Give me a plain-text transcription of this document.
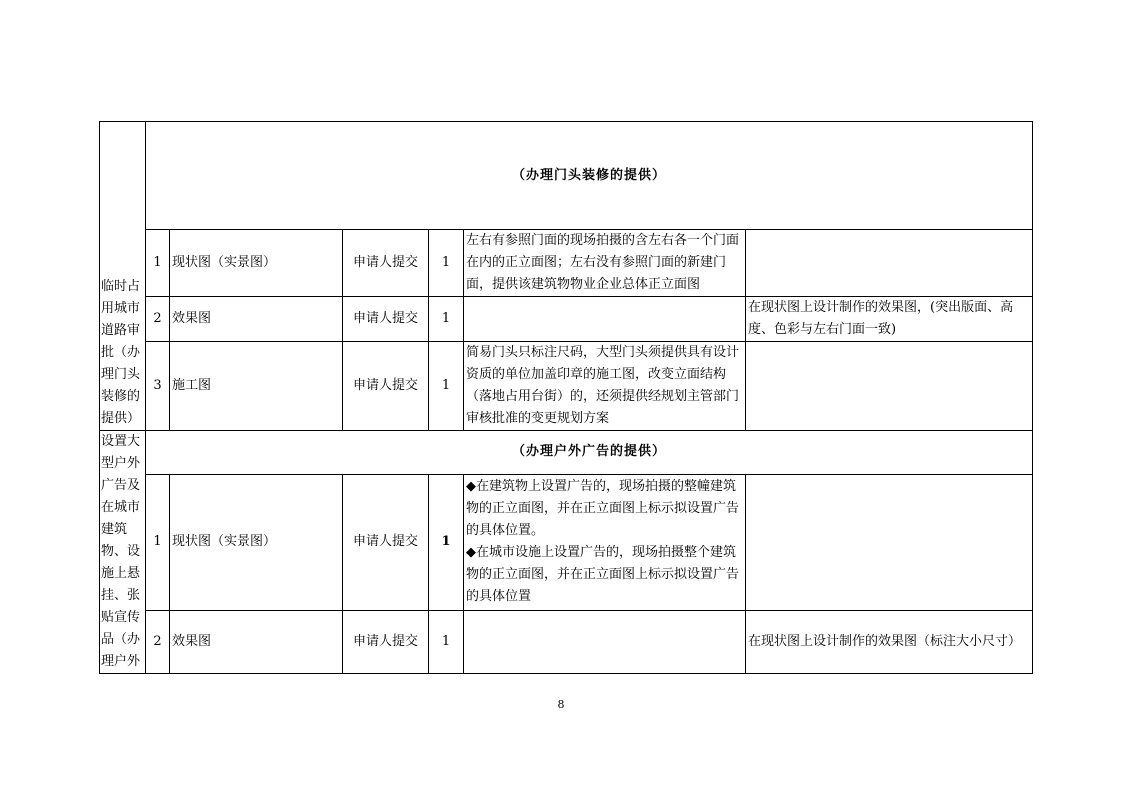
临时占用城市道路审批（办理门头装修的提供）	（办理门头装修的提供）					
	1	现状图（实景图）	申请人提交	1	左右有参照门面的现场拍摄的含左右各一个门面在内的正立面图；左右没有参照门面的新建门面，提供该建筑物物业企业总体正立面图	
	2	效果图	申请人提交	1		在现状图上设计制作的效果图，(突出版面、高度、色彩与左右门面一致)
	3	施工图	申请人提交	1	简易门头只标注尺码，大型门头须提供具有设计资质的单位加盖印章的施工图，改变立面结构（落地占用台街）的，还须提供经规划主管部门审核批准的变更规划方案	
设置大型户外广告及在城市建筑物、设施上悬挂、张贴宣传品（办理户外	（办理户外广告的提供）					
	1	现状图（实景图）	申请人提交	1	◆在建筑物上设置广告的，现场拍摄的整幢建筑物的正立面图，并在正立面图上标示拟设置广告的具体位置。
◆在城市设施上设置广告的，现场拍摄整个建筑物的正立面图，并在正立面图上标示拟设置广告的具体位置	

	2	效果图	申请人提交	1		在现状图上设计制作的效果图（标注大小尺寸）
8
